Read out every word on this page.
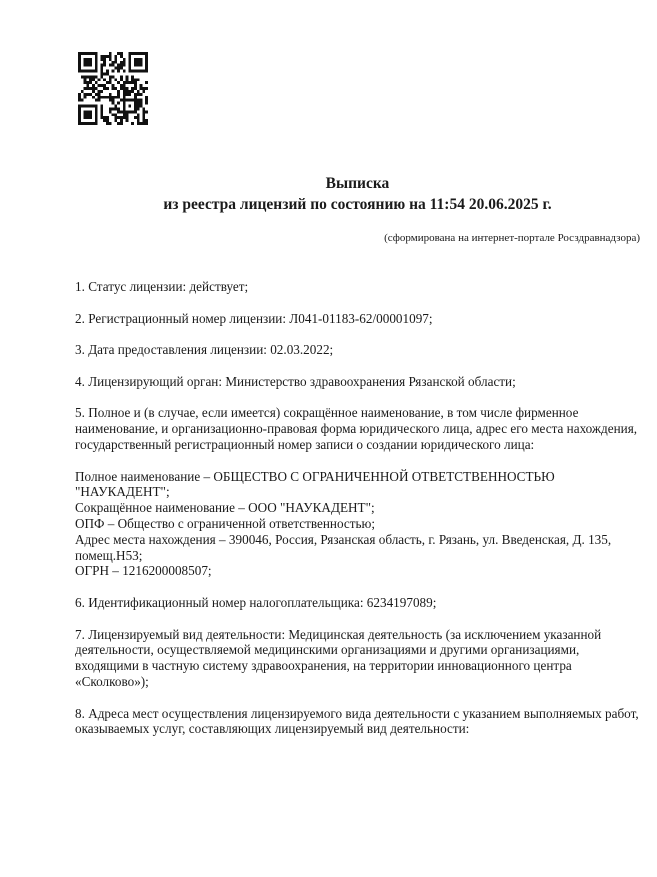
Выписка
из реестра лицензий по состоянию на 11:54 20.06.2025 г.
(сформирована на интернет-портале Росздравнадзора)

1. Статус лицензии: действует;

2. Регистрационный номер лицензии: Л041-01183-62/00001097;

3. Дата предоставления лицензии: 02.03.2022;

4. Лицензирующий орган: Министерство здравоохранения Рязанской области;

5. Полное и (в случае, если имеется) сокращённое наименование, в том числе фирменное наименование, и организационно-правовая форма юридического лица, адрес его места нахождения, государственный регистрационный номер записи о создании юридического лица:

Полное наименование – ОБЩЕСТВО С ОГРАНИЧЕННОЙ ОТВЕТСТВЕННОСТЬЮ "НАУКАДЕНТ";

Сокращённое наименование – ООО "НАУКАДЕНТ";

ОПФ – Общество с ограниченной ответственностью;

Адрес места нахождения – 390046, Россия, Рязанская область, г. Рязань, ул. Введенская, Д. 135, помещ.Н53;

ОГРН – 1216200008507;

6. Идентификационный номер налогоплательщика: 6234197089;

7. Лицензируемый вид деятельности: Медицинская деятельность (за исключением указанной деятельности, осуществляемой медицинскими организациями и другими организациями, входящими в частную систему здравоохранения, на территории инновационного центра «Сколково»);

8. Адреса мест осуществления лицензируемого вида деятельности с указанием выполняемых работ, оказываемых услуг, составляющих лицензируемый вид деятельности:
